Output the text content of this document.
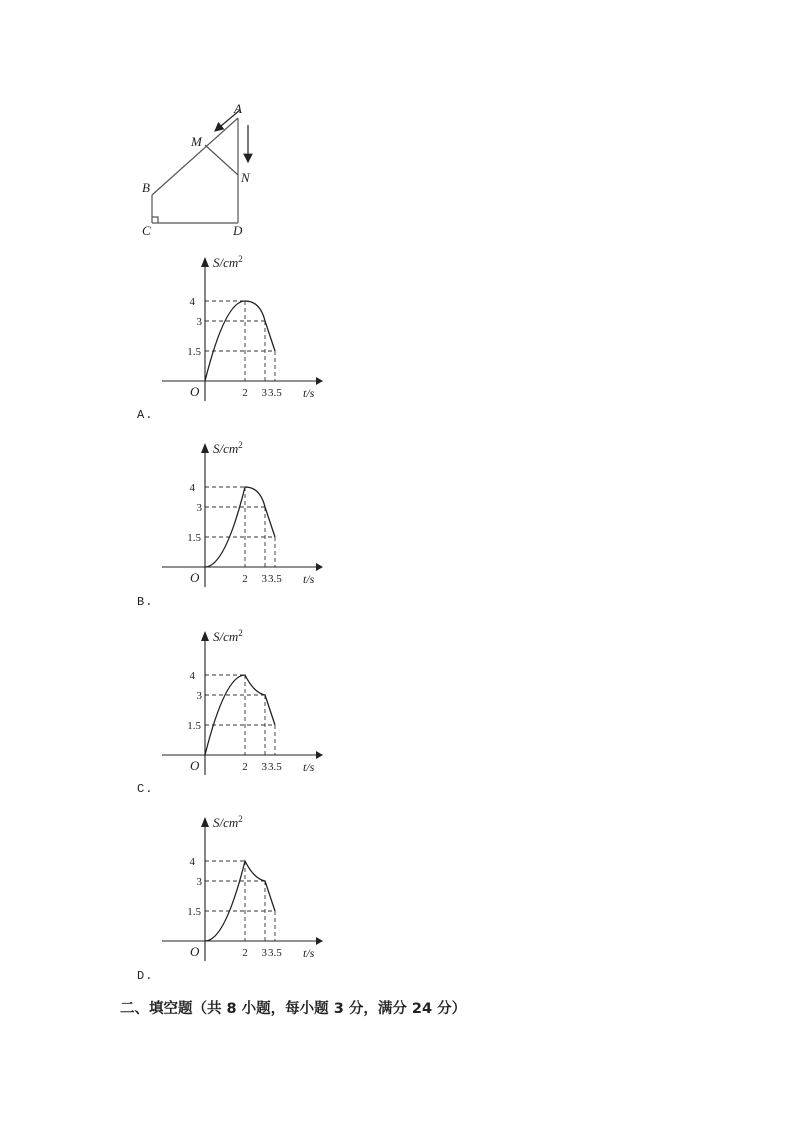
A
M
B
C	D
N
$S/cm^2$
4
3
1.5
O	2 3 3.5 t/s
A.
$S/cm^2$
4
3
1.5
O	2 3 3.5 t/s
B.
$S/cm^2$
4
3
1.5
O	2 3 3.5 t/s
C.
$S/cm^2$
4
3
1.5
O	2 3 3.5 t/s
D.
二、填空题（共 8 小题，每小题 3 分，满分 24 分）
